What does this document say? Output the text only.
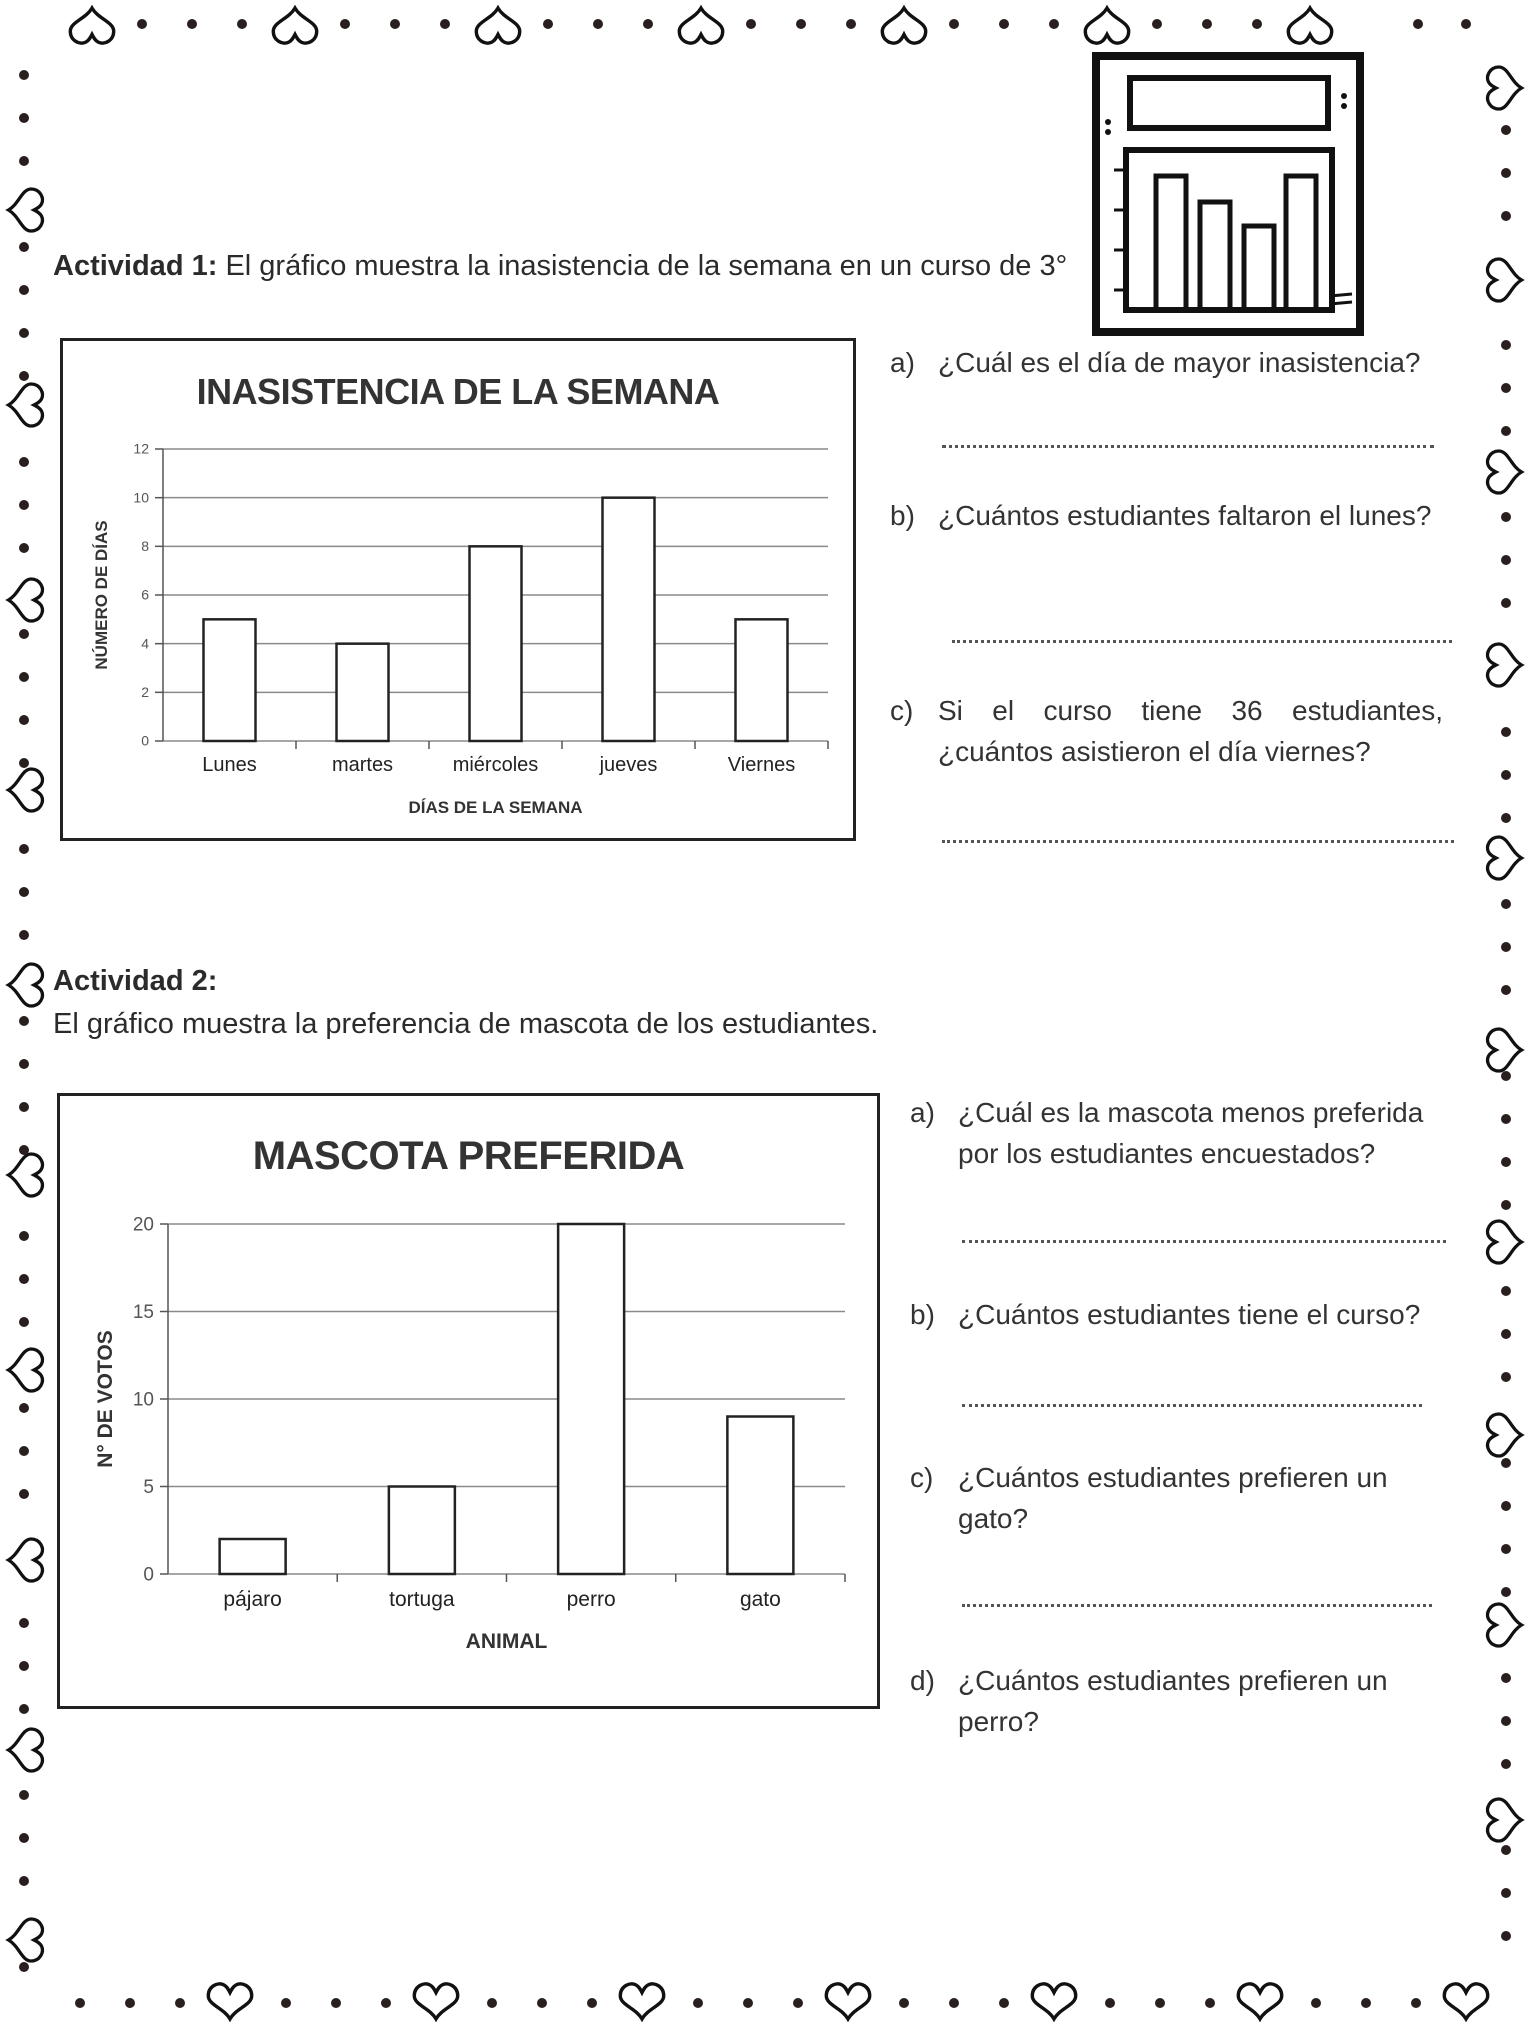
Actividad 1: El gráfico muestra la inasistencia de la semana en un curso de 3°
INASISTENCIA DE LA SEMANA
0
2
4
6
8
10
12
Lunes	martes	miércoles	jueves	Viernes
DÍAS DE LA SEMANA
NÚMERO DE DÍAS
a) ¿Cuál es el día de mayor inasistencia?
b) ¿Cuántos estudiantes faltaron el lunes?
c) Si el curso tiene 36 estudiantes, ¿cuántos asistieron el día viernes?
Actividad 2:
El gráfico muestra la preferencia de mascota de los estudiantes.
MASCOTA PREFERIDA
0
5
10
15
20
pájaro	tortuga	perro	gato
ANIMAL
N° DE VOTOS
a) ¿Cuál es la mascota menos preferida por los estudiantes encuestados?
b) ¿Cuántos estudiantes tiene el curso?
c) ¿Cuántos estudiantes prefieren un gato?
d) ¿Cuántos estudiantes prefieren un perro?
